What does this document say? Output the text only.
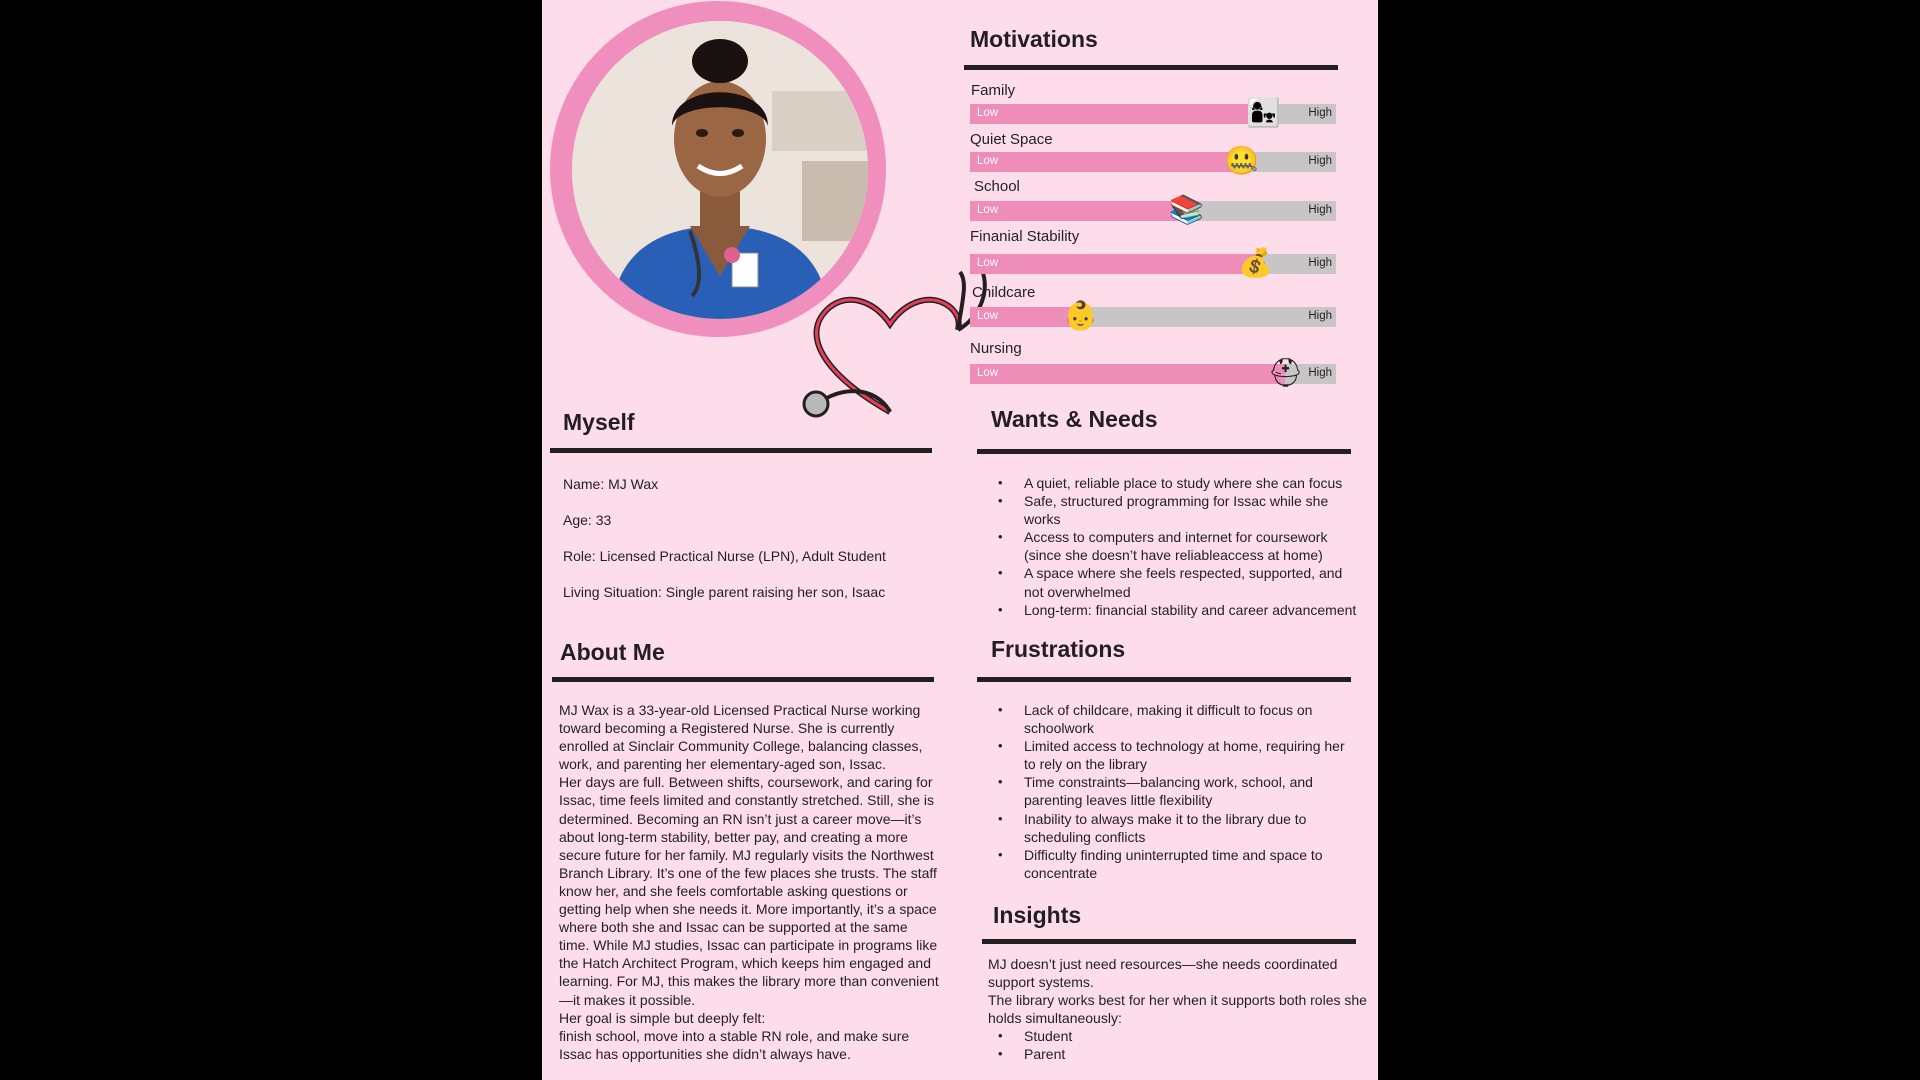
Motivations
Myself
Name: MJ Wax
Age: 33
Role: Licensed Practical Nurse (LPN), Adult Student
Living Situation: Single parent raising her son, Isaac
About Me

MJ Wax is a 33-year-old Licensed Practical Nurse working toward becoming a Registered Nurse. She is currently enrolled at Sinclair Community College, balancing classes, work, and parenting her elementary-aged son, Issac.

Her days are full. Between shifts, coursework, and caring for Issac, time feels limited and constantly stretched. Still, she is determined. Becoming an RN isn’t just a career move—it’s about long-term stability, better pay, and creating a more secure future for her family. MJ regularly visits the Northwest Branch Library. It’s one of the few places she trusts. The staff know her, and she feels comfortable asking questions or getting help when she needs it. More importantly, it’s a space where both she and Issac can be supported at the same time. While MJ studies, Issac can participate in programs like the Hatch Architect Program, which keeps him engaged and learning. For MJ, this makes the library more than convenient—it makes it possible.

Her goal is simple but deeply felt:

finish school, move into a stable RN role, and make sure Issac has opportunities she didn’t always have.

Wants & Needs
• A quiet, reliable place to study where she can focus
• Safe, structured programming for Issac while she works
• Access to computers and internet for coursework (since she doesn’t have reliableaccess at home)
• A space where she feels respected, supported, and not overwhelmed
• Long-term: financial stability and career advancement
Frustrations
• Lack of childcare, making it difficult to focus on schoolwork
• Limited access to technology at home, requiring her to rely on the library
• Time constraints—balancing work, school, and parenting leaves little flexibility
• Inability to always make it to the library due to scheduling conflicts
• Difficulty finding uninterrupted time and space to concentrate
Insights

MJ doesn’t just need resources—she needs coordinated support systems.

The library works best for her when it supports both roles she holds simultaneously:

• Student
• Parent
Family
Low	High
👩‍👧
Quiet Space
Low	High
🤐
School
Low	High
📚
Finanial Stability
Low	High
💰
Childcare
Low	High
👶
Nursing
Low	High
⛑
